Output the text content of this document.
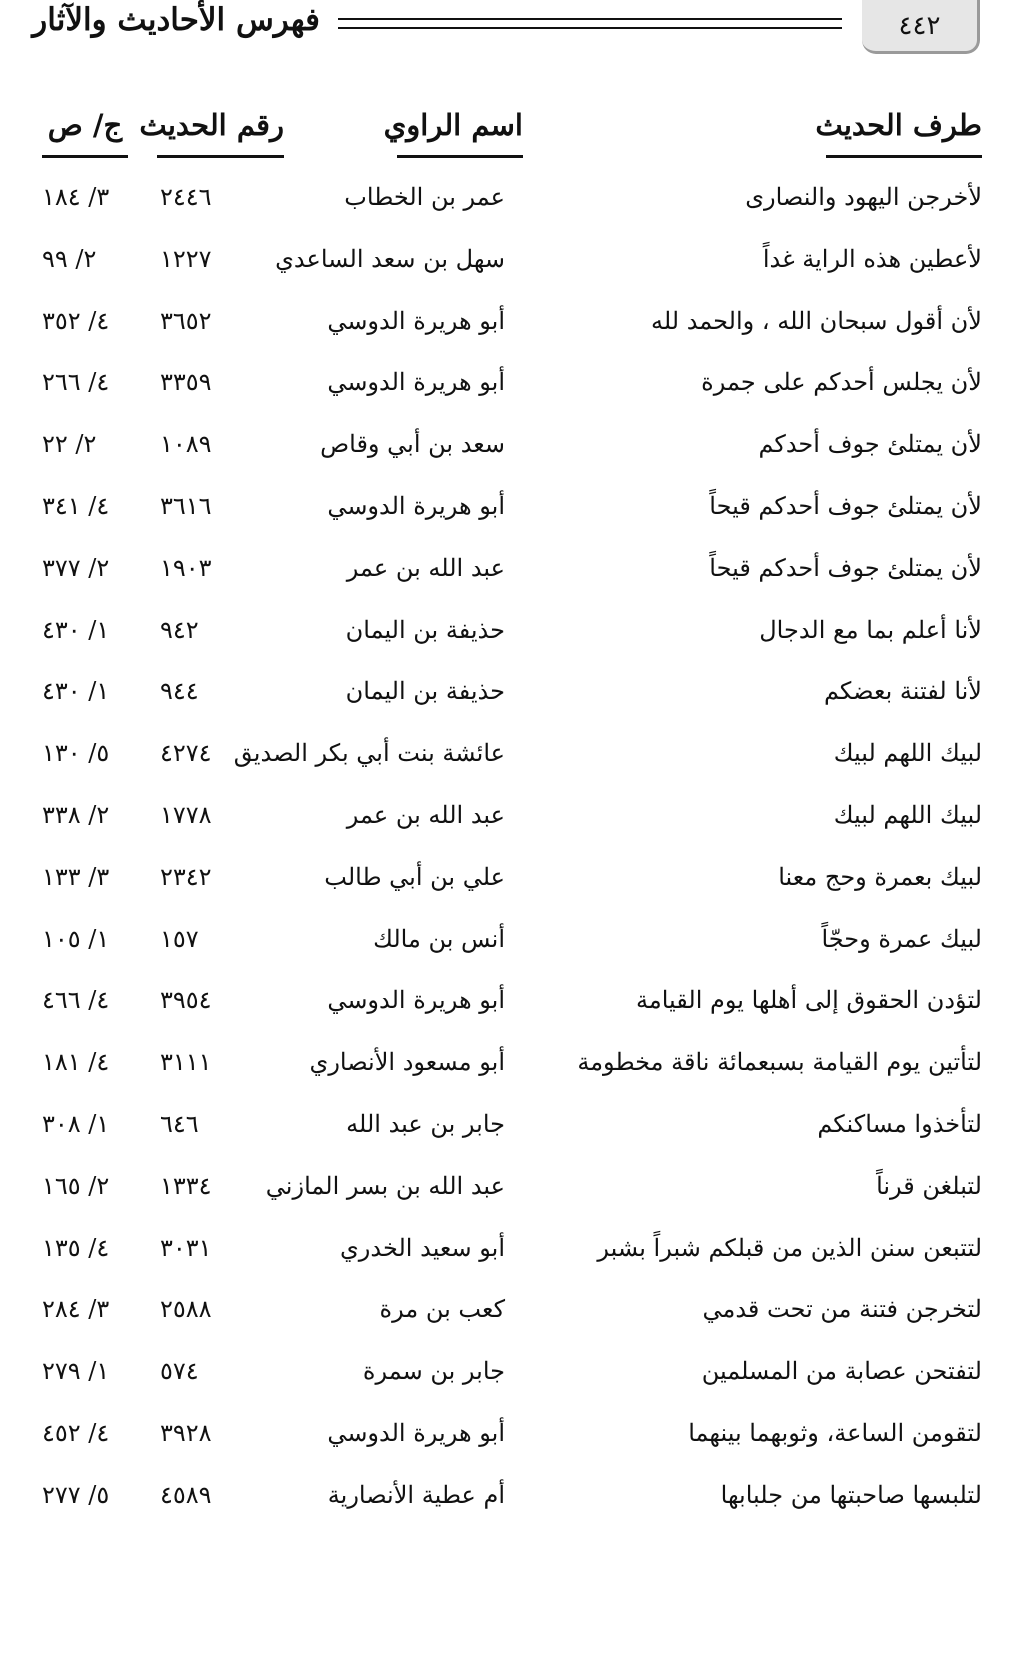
٤٤٢
فهرس الأحاديث والآثار
طرف الحديث
اسم الراوي
رقم الحديث
ج/ ص
لأخرجن اليهود والنصارى
عمر بن الخطاب
٢٤٤٦
٣/ ١٨٤
لأعطين هذه الراية غداً
سهل بن سعد الساعدي
١٢٢٧
٢/ ٩٩
لأن أقول سبحان الله ، والحمد لله
أبو هريرة الدوسي
٣٦٥٢
٤/ ٣٥٢
لأن يجلس أحدكم على جمرة
أبو هريرة الدوسي
٣٣٥٩
٤/ ٢٦٦
لأن يمتلئ جوف أحدكم
سعد بن أبي وقاص
١٠٨٩
٢/ ٢٢
لأن يمتلئ جوف أحدكم قيحاً
أبو هريرة الدوسي
٣٦١٦
٤/ ٣٤١
لأن يمتلئ جوف أحدكم قيحاً
عبد الله بن عمر
١٩٠٣
٢/ ٣٧٧
لأنا أعلم بما مع الدجال
حذيفة بن اليمان
٩٤٢
١/ ٤٣٠
لأنا لفتنة بعضكم
حذيفة بن اليمان
٩٤٤
١/ ٤٣٠
لبيك اللهم لبيك
عائشة بنت أبي بكر الصديق
٤٢٧٤
٥/ ١٣٠
لبيك اللهم لبيك
عبد الله بن عمر
١٧٧٨
٢/ ٣٣٨
لبيك بعمرة وحج معنا
علي بن أبي طالب
٢٣٤٢
٣/ ١٣٣
لبيك عمرة وحجّاً
أنس بن مالك
١٥٧
١/ ١٠٥
لتؤدن الحقوق إلى أهلها يوم القيامة
أبو هريرة الدوسي
٣٩٥٤
٤/ ٤٦٦
لتأتين يوم القيامة بسبعمائة ناقة مخطومة
أبو مسعود الأنصاري
٣١١١
٤/ ١٨١
لتأخذوا مساكنكم
جابر بن عبد الله
٦٤٦
١/ ٣٠٨
لتبلغن قرناً
عبد الله بن بسر المازني
١٣٣٤
٢/ ١٦٥
لتتبعن سنن الذين من قبلكم شبراً بشبر
أبو سعيد الخدري
٣٠٣١
٤/ ١٣٥
لتخرجن فتنة من تحت قدمي
كعب بن مرة
٢٥٨٨
٣/ ٢٨٤
لتفتحن عصابة من المسلمين
جابر بن سمرة
٥٧٤
١/ ٢٧٩
لتقومن الساعة، وثوبهما بينهما
أبو هريرة الدوسي
٣٩٢٨
٤/ ٤٥٢
لتلبسها صاحبتها من جلبابها
أم عطية الأنصارية
٤٥٨٩
٥/ ٢٧٧
